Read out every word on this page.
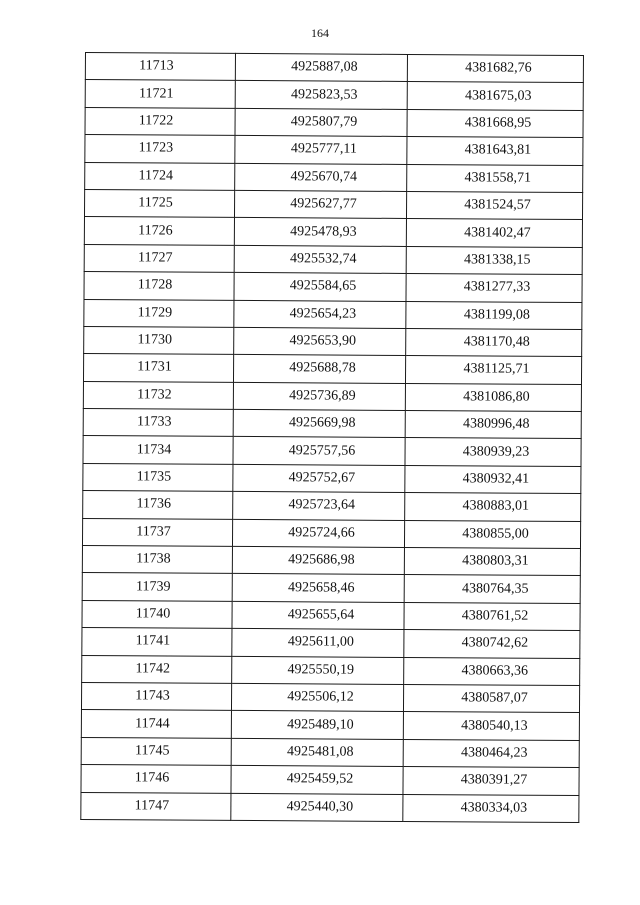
164
11713	4925887,08	4381682,76
11721	4925823,53	4381675,03
11722	4925807,79	4381668,95
11723	4925777,11	4381643,81
11724	4925670,74	4381558,71
11725	4925627,77	4381524,57
11726	4925478,93	4381402,47
11727	4925532,74	4381338,15
11728	4925584,65	4381277,33
11729	4925654,23	4381199,08
11730	4925653,90	4381170,48
11731	4925688,78	4381125,71
11732	4925736,89	4381086,80
11733	4925669,98	4380996,48
11734	4925757,56	4380939,23
11735	4925752,67	4380932,41
11736	4925723,64	4380883,01
11737	4925724,66	4380855,00
11738	4925686,98	4380803,31
11739	4925658,46	4380764,35
11740	4925655,64	4380761,52
11741	4925611,00	4380742,62
11742	4925550,19	4380663,36
11743	4925506,12	4380587,07
11744	4925489,10	4380540,13
11745	4925481,08	4380464,23
11746	4925459,52	4380391,27
11747	4925440,30	4380334,03
